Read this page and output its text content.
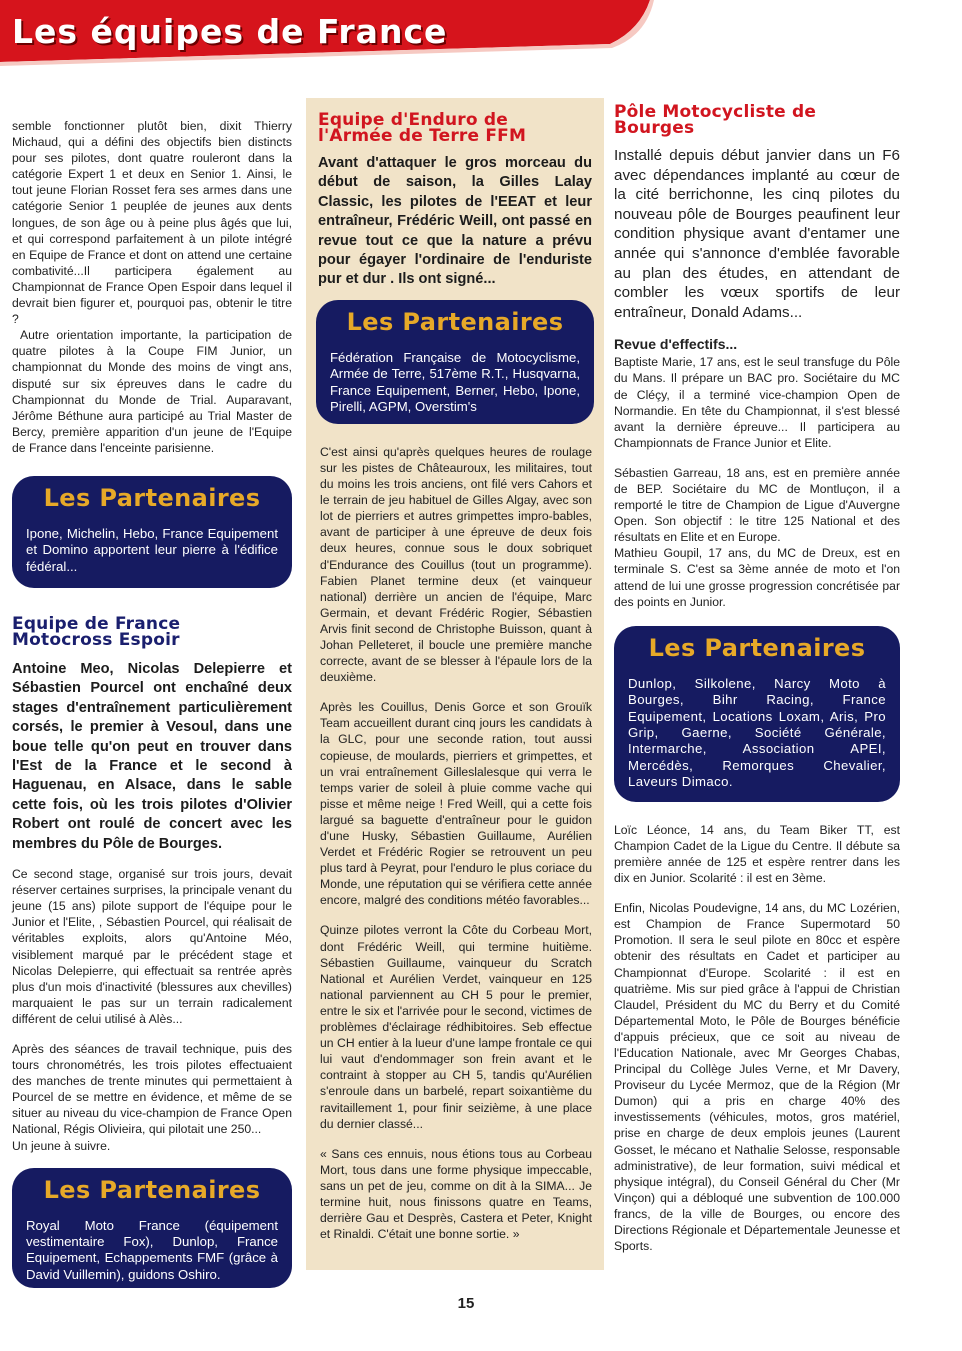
Les équipes de France

semble fonctionner plutôt bien, dixit Thierry Michaud, qui a défini des objectifs bien distincts pour ses pilotes, dont quatre rouleront dans la catégorie Expert 1 et deux en Senior 1. Ainsi, le tout jeune Florian Rosset fera ses armes dans une catégorie Senior 1 peuplée de jeunes aux dents longues, de son âge ou à peine plus âgés que lui, et qui correspond parfaitement à un pilote intégré en Equipe de France et dont on attend une certaine combativité...Il participera également au Championnat de France Open Espoir dans lequel il devrait bien figurer et, pourquoi pas, obtenir le titre ?

Autre orientation importante, la participation de quatre pilotes à la Coupe FIM Junior, un championnat du Monde des moins de vingt ans, disputé sur six épreuves dans le cadre du Championnat du Monde de Trial. Auparavant, Jérôme Béthune aura participé au Trial Master de Bercy, première apparition d'un jeune de l'Equipe de France dans l'enceinte parisienne.

Les Partenaires
Ipone, Michelin, Hebo, France Equipement et Domino apportent leur pierre à l'édifice fédéral...
Equipe de France Motocross Espoir
Antoine Meo, Nicolas Delepierre et Sébastien Pourcel ont enchaîné deux stages d'entraînement particulièrement corsés, le premier à Vesoul, dans une boue telle qu'on peut en trouver dans l'Est de la France et le second à Haguenau, en Alsace, dans le sable cette fois, où les trois pilotes d'Olivier Robert ont roulé de concert avec les membres du Pôle de Bourges.

Ce second stage, organisé sur trois jours, devait réserver certaines surprises, la principale venant du jeune (15 ans) pilote support de l'équipe pour le Junior et l'Elite, , Sébastien Pourcel, qui réalisait de véritables exploits, alors qu'Antoine Méo, visiblement marqué par le précédent stage et Nicolas Delepierre, qui effectuait sa rentrée après plus d'un mois d'inactivité (blessures aux chevilles) marquaient le pas sur un terrain radicalement différent de celui utilisé à Alès...

Après des séances de travail technique, puis des tours chronométrés, les trois pilotes effectuaient des manches de trente minutes qui permettaient à Pourcel de se mettre en évidence, et même de se situer au niveau du vice-champion de France Open National, Régis Olivieira, qui pilotait une 250...

Un jeune à suivre.

Les Partenaires
Royal Moto France (équipement vestimentaire Fox), Dunlop, France Equipement, Echappements FMF (grâce à David Vuillemin), guidons Oshiro.
Equipe d'Enduro de l'Armée de Terre FFM
Avant d'attaquer le gros morceau du début de saison, la Gilles Lalay Classic, les pilotes de l'EEAT et leur entraîneur, Frédéric Weill, ont passé en revue tout ce que la nature a prévu pour égayer l'ordinaire de l'enduriste pur et dur . Ils ont signé...
Les Partenaires
Fédération Française de Motocyclisme, Armée de Terre, 517ème R.T., Husqvarna, France Equipement, Berner, Hebo, Ipone, Pirelli, AGPM, Overstim's

C'est ainsi qu'après quelques heures de roulage sur les pistes de Châteauroux, les militaires, tout du moins les trois anciens, ont filé vers Cahors et le terrain de jeu habituel de Gilles Algay, avec son lot de pierriers et autres grimpettes impro-bables, avant de participer à une épreuve de deux fois deux heures, connue sous le doux sobriquet d'Endurance des Couillus (tout un programme). Fabien Planet termine deux (et vainqueur national) derrière un ancien de l'équipe, Marc Germain, et devant Frédéric Rogier, Sébastien Arvis finit second de Christophe Buisson, quant à Johan Pelleteret, il boucle une première manche correcte, avant de se blesser à l'épaule lors de la deuxième.

Après les Couillus, Denis Gorce et son Grouïk Team accueillent durant cinq jours les candidats à la GLC, pour une seconde ration, tout aussi copieuse, de moulards, pierriers et grimpettes, et un vrai entraînement Gilleslalesque qui verra le temps varier de soleil à pluie comme vache qui pisse et même neige ! Fred Weill, qui a cette fois largué sa baguette d'entraîneur pour le guidon d'une Husky, Sébastien Guillaume, Aurélien Verdet et Frédéric Rogier se retrouvent un peu plus tard à Peyrat, pour l'enduro le plus coriace du Monde, une réputation qui se vérifiera cette année encore, malgré des conditions météo favorables...

Quinze pilotes verront la Côte du Corbeau Mort, dont Frédéric Weill, qui termine huitième. Sébastien Guillaume, vainqueur du Scratch National et Aurélien Verdet, vainqueur en 125 national parviennent au CH 5 pour le premier, entre le six et l'arrivée pour le second, victimes de problèmes d'éclairage rédhibitoires. Seb effectue un CH entier à la lueur d'une lampe frontale ce qui lui vaut d'endommager son frein avant et le contraint à stopper au CH 5, tandis qu'Aurélien s'enroule dans un barbelé, repart soixantième du ravitaillement 1, pour finir seizième, à une place du dernier classé...

« Sans ces ennuis, nous étions tous au Corbeau Mort, tous dans une forme physique impeccable, sans un pet de jeu, comme on dit à la SIMA... Je termine huit, nous finissons quatre en Teams, derrière Gau et Desprès, Castera et Peter, Knight et Rinaldi. C'était une bonne sortie. »

Pôle Motocycliste de Bourges
Installé depuis début janvier dans un F6 avec dépendances implanté au cœur de la cité berrichonne, les cinq pilotes du nouveau pôle de Bourges peaufinent leur condition physique avant d'entamer une année qui s'annonce d'emblée favorable au plan des études, en attendant de combler les vœux sportifs de leur entraîneur, Donald Adams...
Revue d'effectifs...

Baptiste Marie, 17 ans, est le seul transfuge du Pôle du Mans. Il prépare un BAC pro. Sociétaire du MC de Cléçy, il a terminé vice-champion Open de Normandie. En tête du Championnat, il s'est blessé avant la dernière épreuve... Il participera au Championnats de France Junior et Elite.

Sébastien Garreau, 18 ans, est en première année de BEP. Sociétaire du MC de Montluçon, il a remporté le titre de Champion de Ligue d'Auvergne Open. Son objectif : le titre 125 National et des résultats en Elite et en Europe.

Mathieu Goupil, 17 ans, du MC de Dreux, est en terminale S. C'est sa 3ème année de moto et l'on attend de lui une grosse progression concrétisée par des points en Junior.

Les Partenaires
Dunlop, Silkolene, Narcy Moto à Bourges, Bihr Racing, France Equipement, Locations Loxam, Aris, Pro Grip, Gaerne, Société Générale, Intermarche, Association APEI, Mercédès, Remorques Chevalier, Laveurs Dimaco.

Loïc Léonce, 14 ans, du Team Biker TT, est Champion Cadet de la Ligue du Centre. Il débute sa première année de 125 et espère rentrer dans les dix en Junior. Scolarité : il est en 3ème.

Enfin, Nicolas Poudevigne, 14 ans, du MC Lozérien, est Champion de France Supermotard 50 Promotion. Il sera le seul pilote en 80cc et espère obtenir des résultats en Cadet et participer au Championnat d'Europe. Scolarité : il est en quatrième. Mis sur pied grâce à l'appui de Christian Claudel, Président du MC du Berry et du Comité Départemental Moto, le Pôle de Bourges bénéficie d'appuis précieux, que ce soit au niveau de l'Education Nationale, avec Mr Georges Chabas, Principal du Collège Jules Verne, et Mr Davery, Proviseur du Lycée Mermoz, que de la Région (Mr Dumon) qui a pris en charge 40% des investissements (véhicules, motos, gros matériel, prise en charge de deux emplois jeunes (Laurent Gosset, le mécano et Nathalie Selosse, responsable administrative), de leur formation, suivi médical et physique intégral), du Conseil Général du Cher (Mr Vinçon) qui a débloqué une subvention de 100.000 francs, de la ville de Bourges, ou encore des Directions Régionale et Départementale Jeunesse et Sports.

15
